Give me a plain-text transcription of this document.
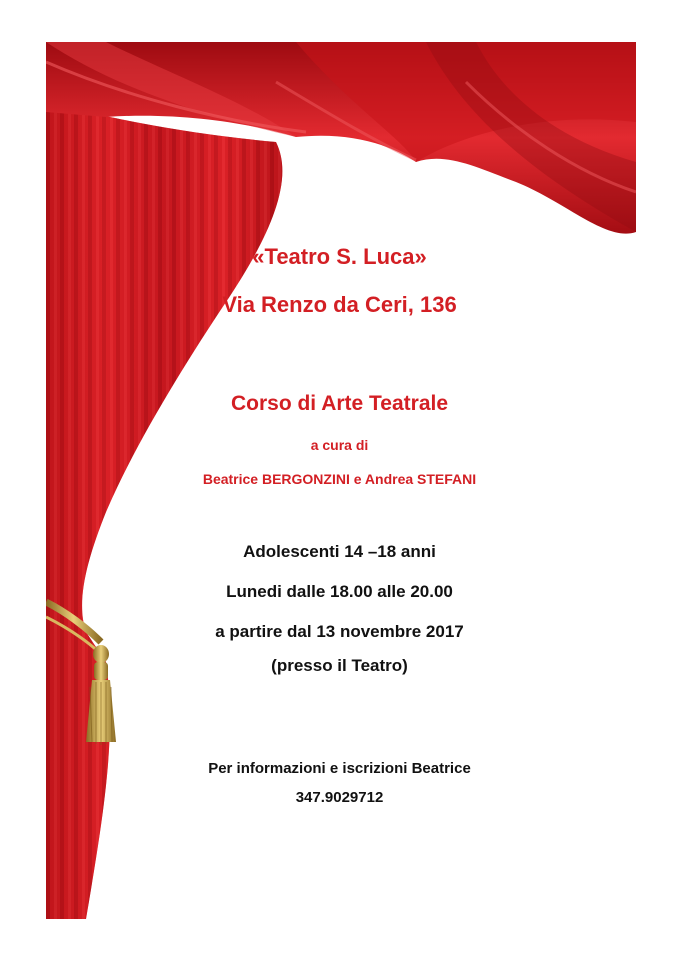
«Teatro S. Luca»
Via Renzo da Ceri, 136
Corso di Arte Teatrale
a cura di
Beatrice BERGONZINI e Andrea STEFANI
Adolescenti 14 –18 anni
Lunedi dalle 18.00 alle 20.00
a partire dal 13 novembre 2017
(presso il Teatro)
Per informazioni e iscrizioni Beatrice
347.9029712
